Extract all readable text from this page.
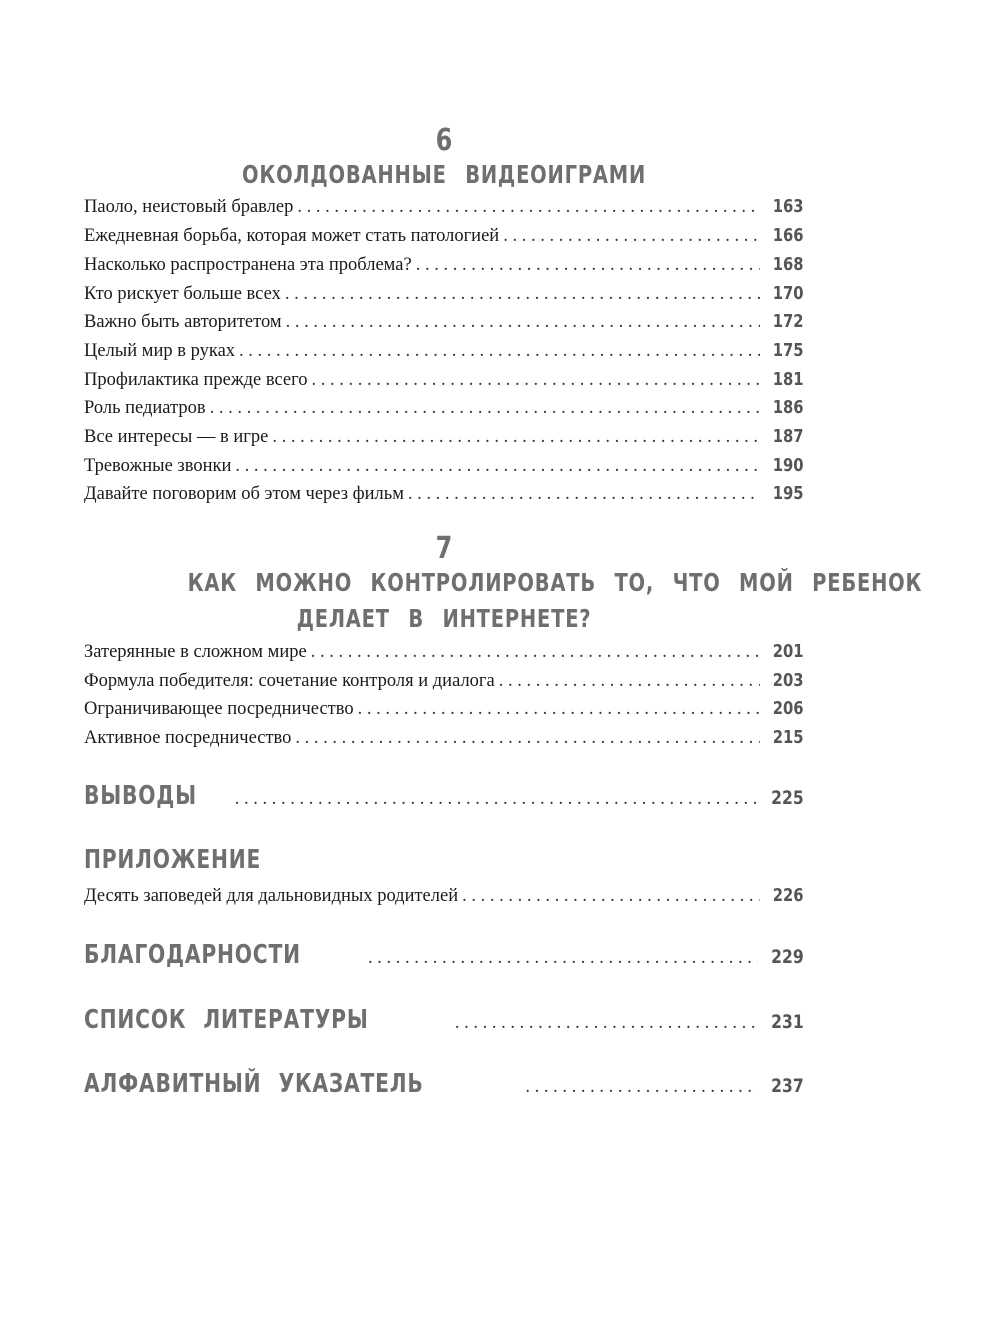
6
ОКОЛДОВАННЫЕ ВИДЕОИГРАМИ
Паоло, неистовый бравлер . . .	163
Ежедневная борьба, которая может стать патологией . . .	166
Насколько распространена эта проблема? . . .	168
Кто рискует больше всех . . .	170
Важно быть авторитетом . . .	172
Целый мир в руках . . .	175
Профилактика прежде всего . . .	181
Роль педиатров . . .	186
Все интересы — в игре . . .	187
Тревожные звонки . . .	190
Давайте поговорим об этом через фильм . . .	195
7
КАК МОЖНО КОНТРОЛИРОВАТЬ ТО, ЧТО МОЙ РЕБЕНОК
ДЕЛАЕТ В ИНТЕРНЕТЕ?
Затерянные в сложном мире . . .	201
Формула победителя: сочетание контроля и диалога . . .	203
Ограничивающее посредничество . . .	206
Активное посредничество . . .	215
ВЫВОДЫ . . .	225
ПРИЛОЖЕНИЕ
Десять заповедей для дальновидных родителей . . .	226
БЛАГОДАРНОСТИ . . .	229
СПИСОК ЛИТЕРАТУРЫ . . .	231
АЛФАВИТНЫЙ УКАЗАТЕЛЬ . . .	237
